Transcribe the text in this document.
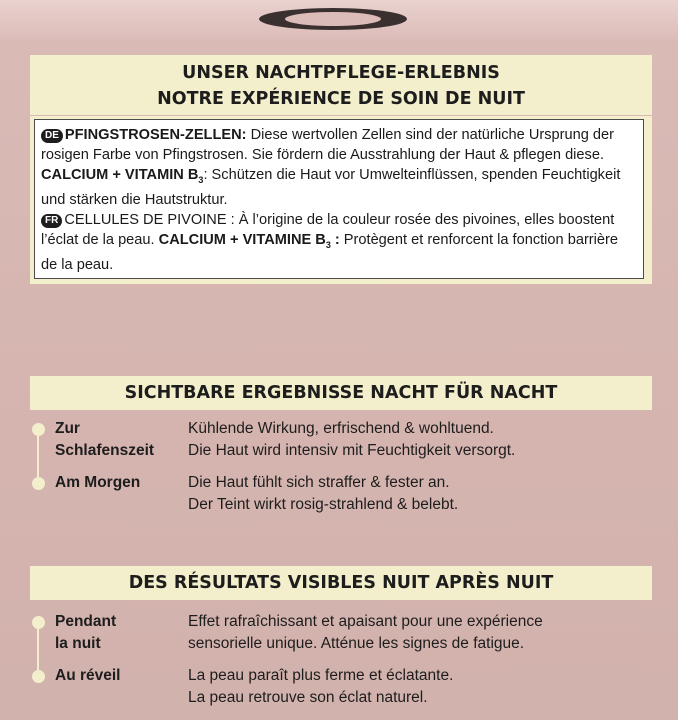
UNSER NACHTPFLEGE-ERLEBNIS
NOTRE EXPÉRIENCE DE SOIN DE NUIT

DE PFINGSTROSEN-ZELLEN: Diese wertvollen Zellen sind der natürliche Ursprung der rosigen Farbe von Pfingstrosen. Sie fördern die Ausstrahlung der Haut & pflegen diese. CALCIUM + VITAMIN $B_3$: Schützen die Haut vor Umwelteinflüssen, spenden Feuchtigkeit und stärken die Hautstruktur.

FR CELLULES DE PIVOINE : À l’origine de la couleur rosée des pivoines, elles boostent l’éclat de la peau. CALCIUM + VITAMINE $B_3$ : Protègent et renforcent la fonction barrière de la peau.

SICHTBARE ERGEBNISSE NACHT FÜR NACHT
Zur
Schlafenszeit
Kühlende Wirkung, erfrischend & wohltuend.
Die Haut wird intensiv mit Feuchtigkeit versorgt.
Am Morgen	Die Haut fühlt sich straffer & fester an.
Der Teint wirkt rosig-strahlend & belebt.
DES RÉSULTATS VISIBLES NUIT APRÈS NUIT
Pendant
la nuit
Effet rafraîchissant et apaisant pour une expérience
sensorielle unique. Atténue les signes de fatigue.
Au réveil	La peau paraît plus ferme et éclatante.
La peau retrouve son éclat naturel.
